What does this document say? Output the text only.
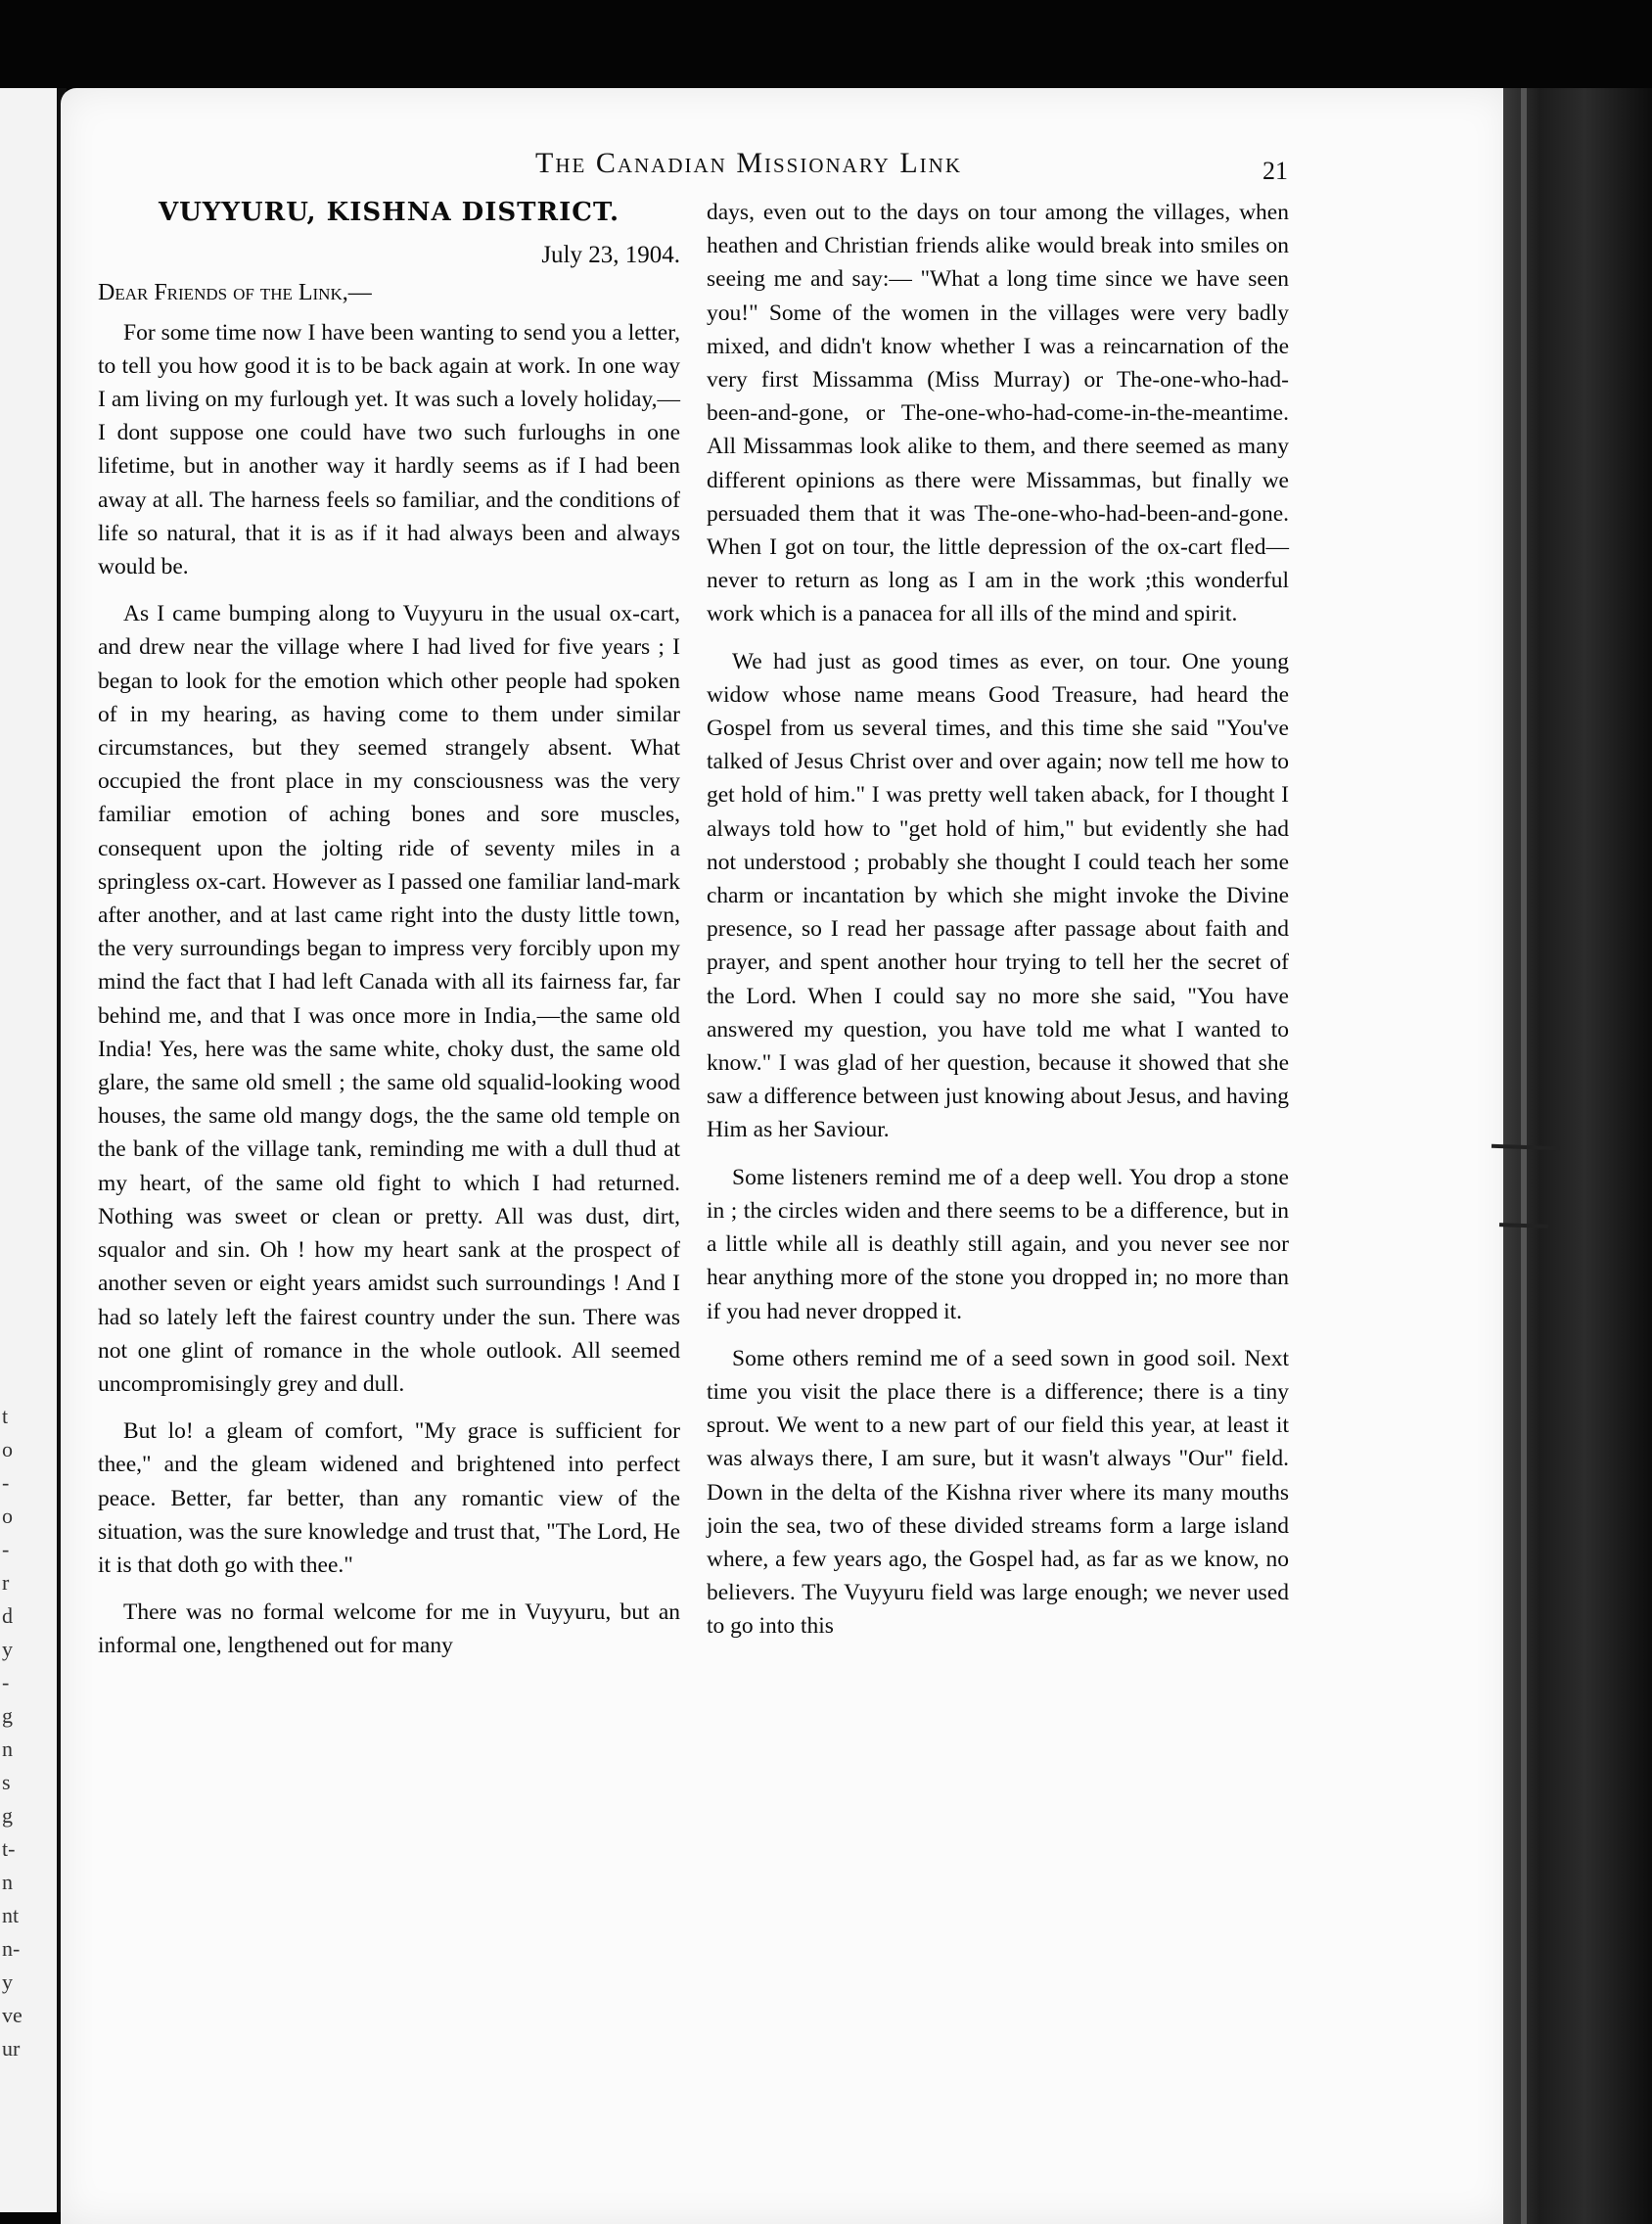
t
o
-
o
-
r
d
y
-
g
n
s
g
t-
n
nt
n-
y
ve
ur
The Canadian Missionary Link	21
VUYYURU, KISHNA DISTRICT.
July 23, 1904.
Dear Friends of the Link,—

For some time now I have been wanting to send you a letter, to tell you how good it is to be back again at work. In one way I am living on my furlough yet. It was such a lovely holiday,— I dont suppose one could have two such furloughs in one lifetime, but in another way it hardly seems as if I had been away at all. The harness feels so familiar, and the conditions of life so natural, that it is as if it had always been and always would be.

As I came bumping along to Vuyyuru in the usual ox-cart, and drew near the village where I had lived for five years ; I began to look for the emotion which other people had spoken of in my hearing, as having come to them under similar circumstances, but they seemed strangely absent. What occupied the front place in my consciousness was the very familiar emotion of aching bones and sore muscles, consequent upon the jolting ride of seventy miles in a springless ox-cart. However as I passed one familiar land-mark after another, and at last came right into the dusty little town, the very surroundings began to impress very forcibly upon my mind the fact that I had left Canada with all its fairness far, far behind me, and that I was once more in India,—the same old India! Yes, here was the same white, choky dust, the same old glare, the same old smell ; the same old squalid-looking wood houses, the same old mangy dogs, the the same old temple on the bank of the village tank, reminding me with a dull thud at my heart, of the same old fight to which I had returned. Nothing was sweet or clean or pretty. All was dust, dirt, squalor and sin. Oh ! how my heart sank at the prospect of another seven or eight years amidst such surroundings ! And I had so lately left the fairest country under the sun. There was not one glint of romance in the whole outlook. All seemed uncompromisingly grey and dull.

But lo! a gleam of comfort, "My grace is sufficient for thee," and the gleam widened and brightened into perfect peace. Better, far better, than any romantic view of the situation, was the sure knowledge and trust that, "The Lord, He it is that doth go with thee."

There was no formal welcome for me in Vuyyuru, but an informal one, lengthened out for many

days, even out to the days on tour among the villages, when heathen and Christian friends alike would break into smiles on seeing me and say:— "What a long time since we have seen you!" Some of the women in the villages were very badly mixed, and didn't know whether I was a reincarnation of the very first Missamma (Miss Murray) or The-one-who-had-been-and-gone, or The-one-who-had-come-in-the-meantime. All Missammas look alike to them, and there seemed as many different opinions as there were Missammas, but finally we persuaded them that it was The-one-who-had-been-and-gone. When I got on tour, the little depression of the ox-cart fled—never to return as long as I am in the work ;this wonderful work which is a panacea for all ills of the mind and spirit.

We had just as good times as ever, on tour. One young widow whose name means Good Treasure, had heard the Gospel from us several times, and this time she said "You've talked of Jesus Christ over and over again; now tell me how to get hold of him." I was pretty well taken aback, for I thought I always told how to "get hold of him," but evidently she had not understood ; probably she thought I could teach her some charm or incantation by which she might invoke the Divine presence, so I read her passage after passage about faith and prayer, and spent another hour trying to tell her the secret of the Lord. When I could say no more she said, "You have answered my question, you have told me what I wanted to know." I was glad of her question, because it showed that she saw a difference between just knowing about Jesus, and having Him as her Saviour.

Some listeners remind me of a deep well. You drop a stone in ; the circles widen and there seems to be a difference, but in a little while all is deathly still again, and you never see nor hear anything more of the stone you dropped in; no more than if you had never dropped it.

Some others remind me of a seed sown in good soil. Next time you visit the place there is a difference; there is a tiny sprout. We went to a new part of our field this year, at least it was always there, I am sure, but it wasn't always "Our" field. Down in the delta of the Kishna river where its many mouths join the sea, two of these divided streams form a large island where, a few years ago, the Gospel had, as far as we know, no believers. The Vuyyuru field was large enough; we never used to go into this
